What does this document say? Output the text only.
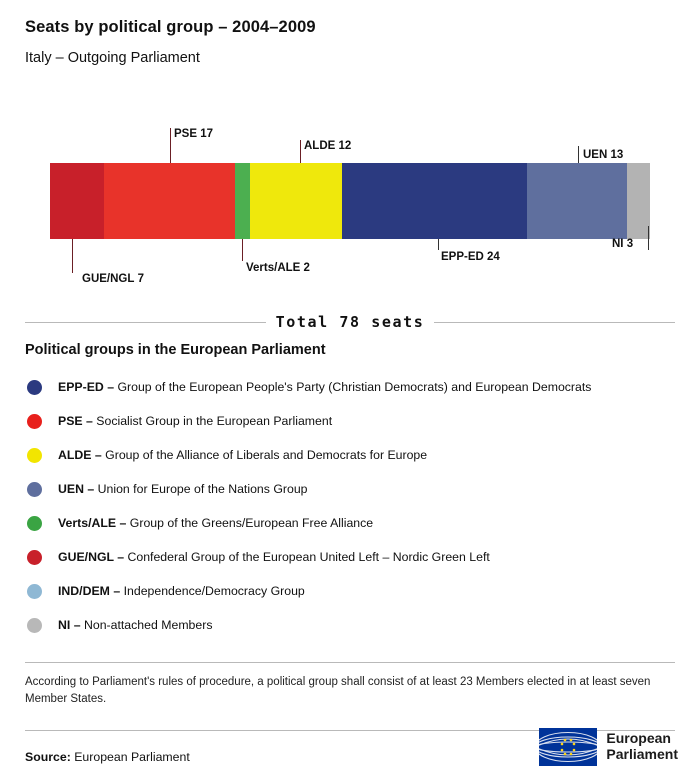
Seats by political group – 2004–2009
Italy – Outgoing Parliament
PSE 17
ALDE 12
UEN 13
GUE/NGL 7
Verts/ALE 2
EPP-ED 24
NI 3
Total 78 seats
Political groups in the European Parliament
EPP-ED – Group of the European People's Party (Christian Democrats) and European Democrats
PSE – Socialist Group in the European Parliament
ALDE – Group of the Alliance of Liberals and Democrats for Europe
UEN – Union for Europe of the Nations Group
Verts/ALE – Group of the Greens/European Free Alliance
GUE/NGL – Confederal Group of the European United Left – Nordic Green Left
IND/DEM – Independence/Democracy Group
NI – Non-attached Members
According to Parliament's rules of procedure, a political group shall consist of at least 23 Members elected in at least seven Member States.
Source: European Parliament
European
Parliament
